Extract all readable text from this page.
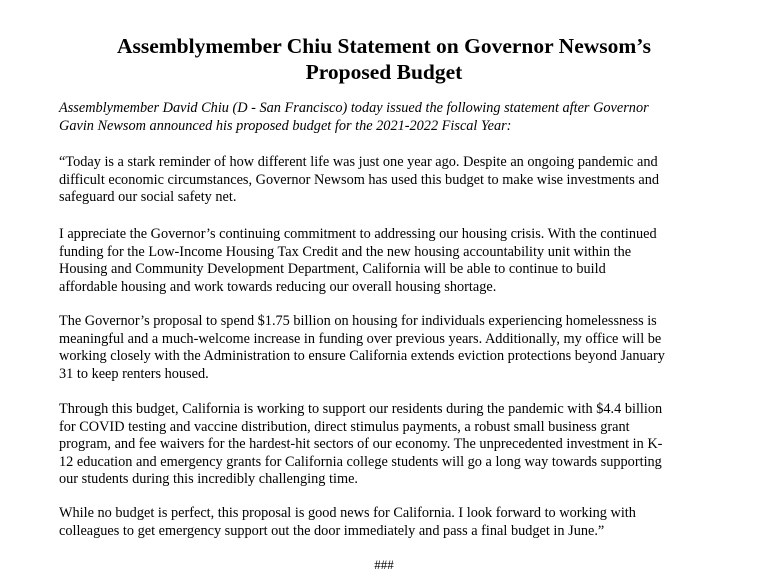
Assemblymember Chiu Statement on Governor Newsom’s
Proposed Budget

Assemblymember David Chiu (D - San Francisco) today issued the following statement after Governor
Gavin Newsom announced his proposed budget for the 2021-2022 Fiscal Year:

“Today is a stark reminder of how different life was just one year ago. Despite an ongoing pandemic and
difficult economic circumstances, Governor Newsom has used this budget to make wise investments and
safeguard our social safety net.

I appreciate the Governor’s continuing commitment to addressing our housing crisis. With the continued
funding for the Low-Income Housing Tax Credit and the new housing accountability unit within the
Housing and Community Development Department, California will be able to continue to build
affordable housing and work towards reducing our overall housing shortage.

The Governor’s proposal to spend $1.75 billion on housing for individuals experiencing homelessness is
meaningful and a much-welcome increase in funding over previous years. Additionally, my office will be
working closely with the Administration to ensure California extends eviction protections beyond January
31 to keep renters housed.

Through this budget, California is working to support our residents during the pandemic with $4.4 billion
for COVID testing and vaccine distribution, direct stimulus payments, a robust small business grant
program, and fee waivers for the hardest-hit sectors of our economy. The unprecedented investment in K-
12 education and emergency grants for California college students will go a long way towards supporting
our students during this incredibly challenging time.

While no budget is perfect, this proposal is good news for California. I look forward to working with
colleagues to get emergency support out the door immediately and pass a final budget in June.”

###
